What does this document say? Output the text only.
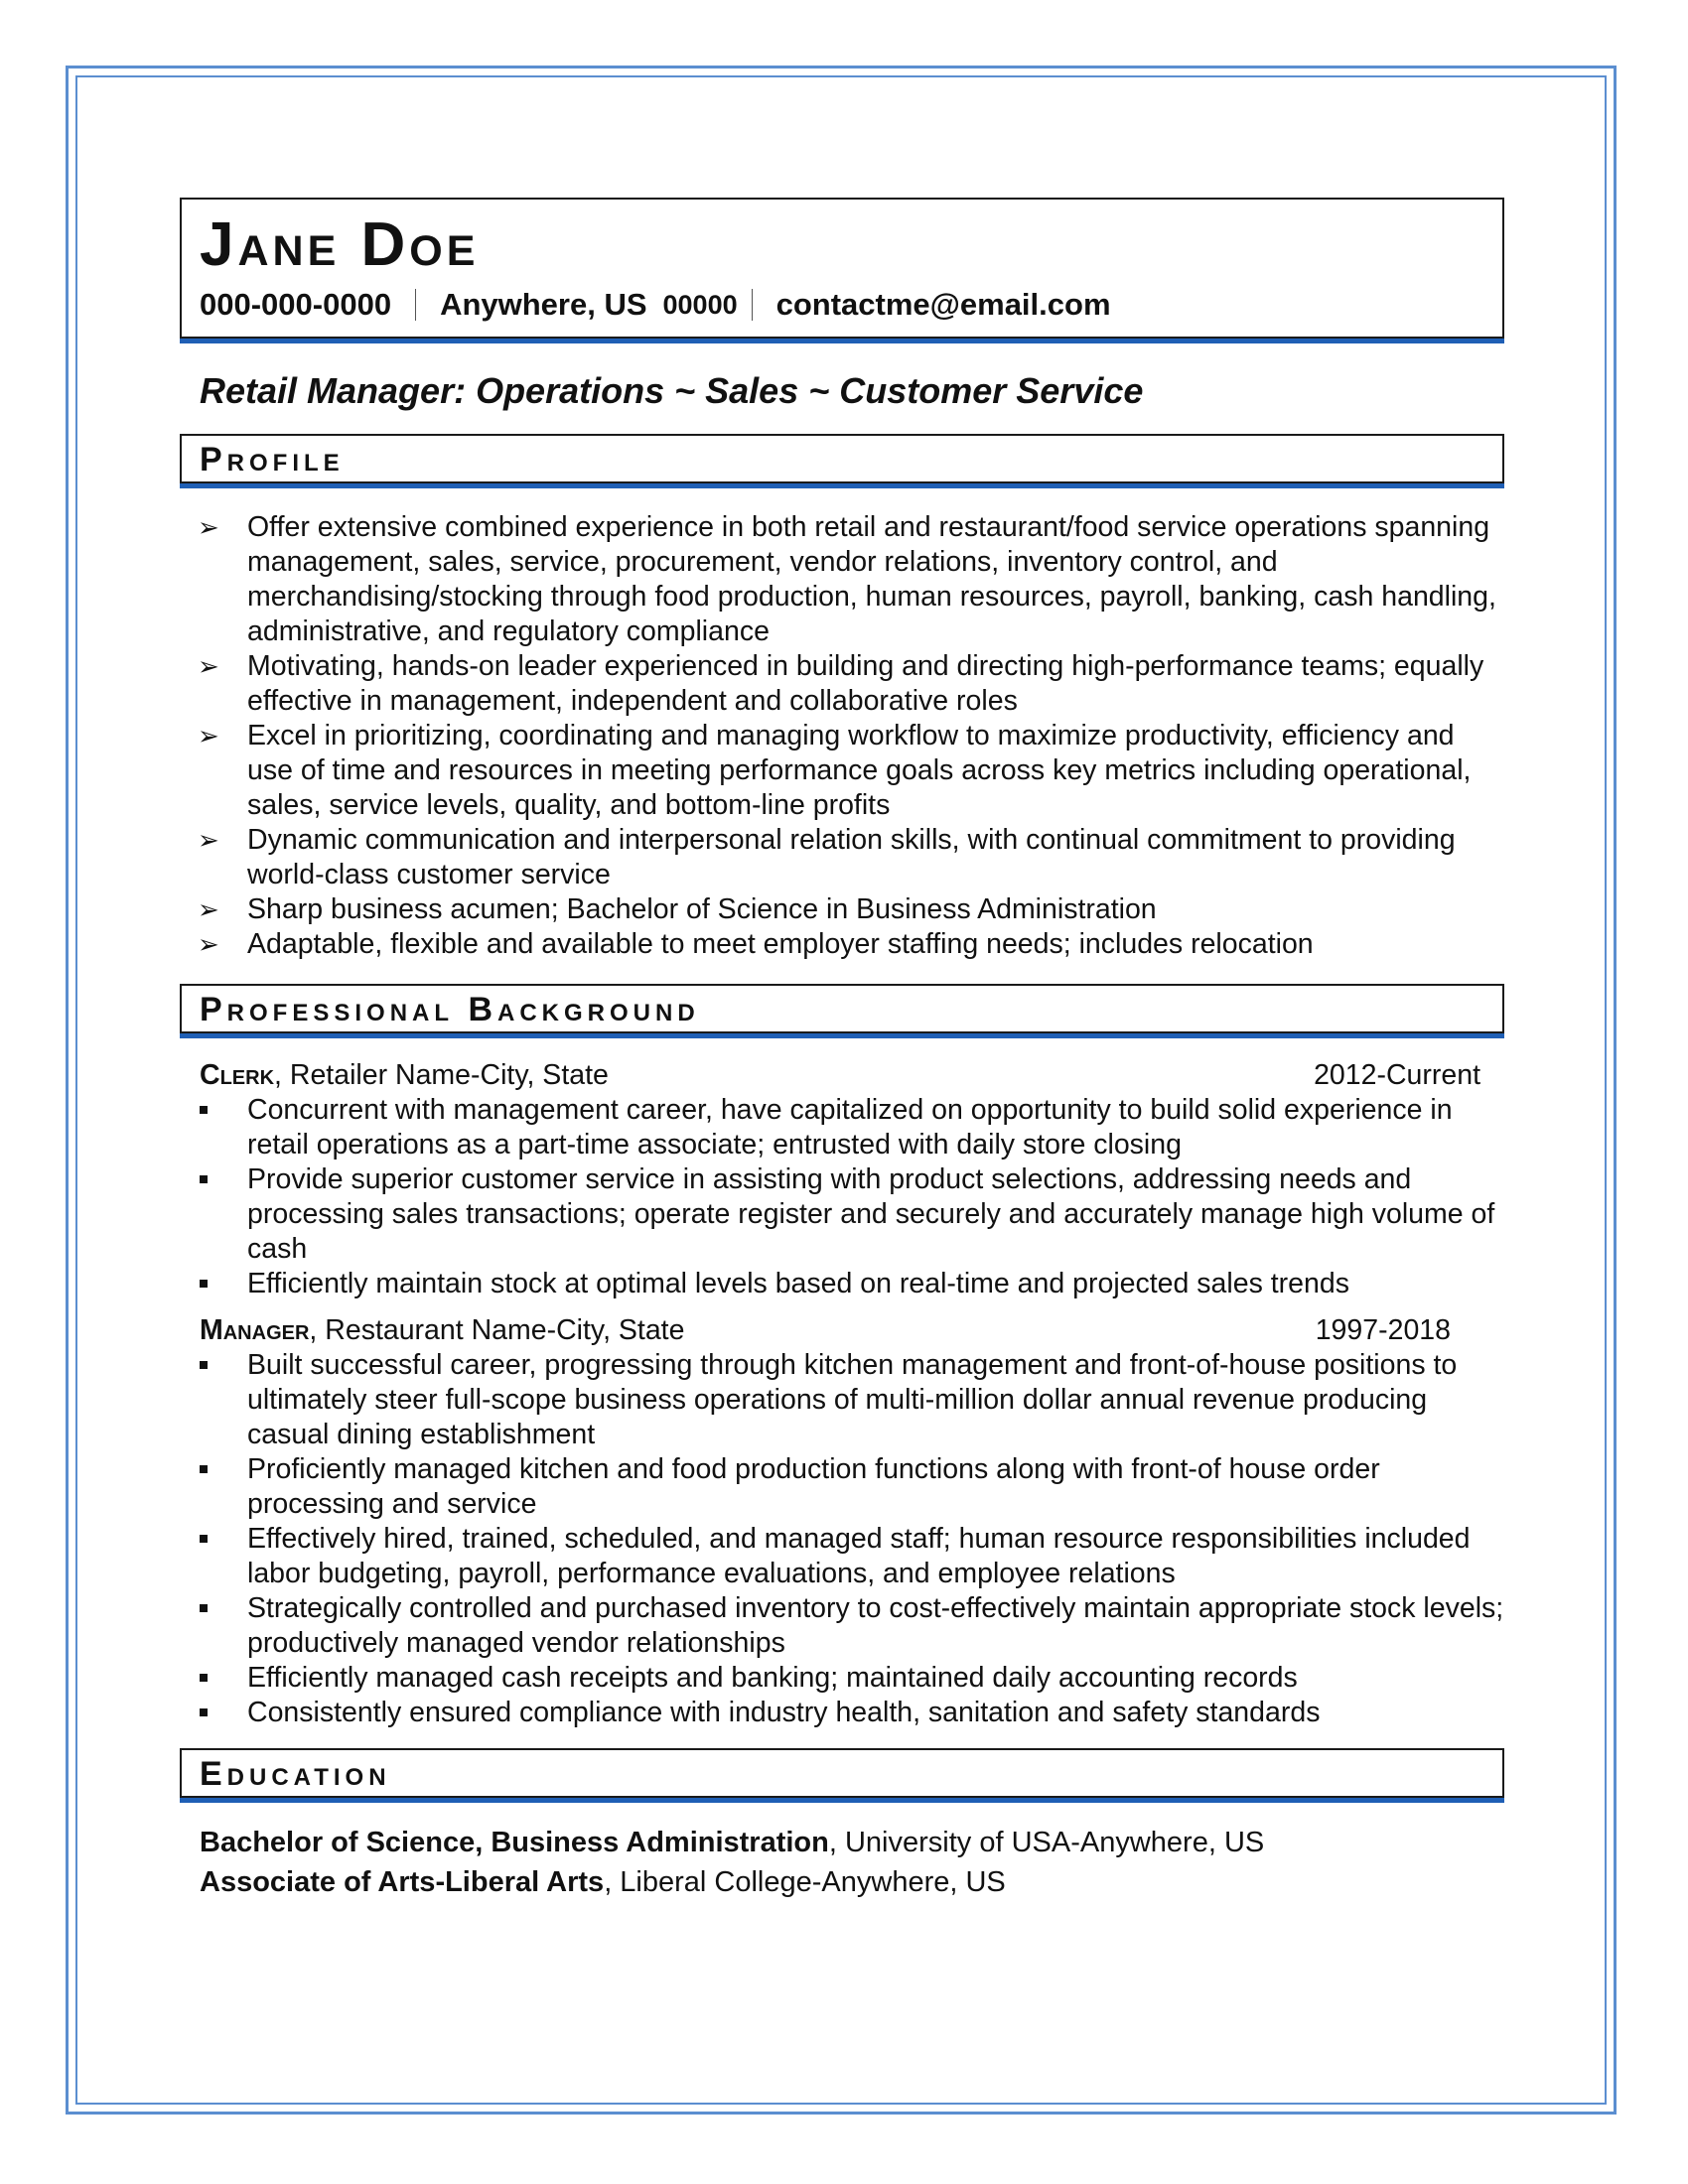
Jane Doe
000-000-0000 Anywhere, US 00000 contactme@email.com
Retail Manager: Operations ~ Sales ~ Customer Service
Profile
➢ Offer extensive combined experience in both retail and restaurant/food service operations spanning management, sales, service, procurement, vendor relations, inventory control, and merchandising/stocking through food production, human resources, payroll, banking, cash handling, administrative, and regulatory compliance
➢ Motivating, hands-on leader experienced in building and directing high-performance teams; equally effective in management, independent and collaborative roles
➢ Excel in prioritizing, coordinating and managing workflow to maximize productivity, efficiency and use of time and resources in meeting performance goals across key metrics including operational, sales, service levels, quality, and bottom-line profits
➢ Dynamic communication and interpersonal relation skills, with continual commitment to providing world-class customer service
➢ Sharp business acumen; Bachelor of Science in Business Administration
➢ Adaptable, flexible and available to meet employer staffing needs; includes relocation
Professional Background
Clerk, Retailer Name-City, State	2012-Current
Concurrent with management career, have capitalized on opportunity to build solid experience in retail operations as a part-time associate; entrusted with daily store closing
Provide superior customer service in assisting with product selections, addressing needs and processing sales transactions; operate register and securely and accurately manage high volume of cash
Efficiently maintain stock at optimal levels based on real-time and projected sales trends
Manager, Restaurant Name-City, State	1997-2018
Built successful career, progressing through kitchen management and front-of-house positions to ultimately steer full-scope business operations of multi-million dollar annual revenue producing casual dining establishment
Proficiently managed kitchen and food production functions along with front-of house order processing and service
Effectively hired, trained, scheduled, and managed staff; human resource responsibilities included labor budgeting, payroll, performance evaluations, and employee relations
Strategically controlled and purchased inventory to cost-effectively maintain appropriate stock levels; productively managed vendor relationships
Efficiently managed cash receipts and banking; maintained daily accounting records
Consistently ensured compliance with industry health, sanitation and safety standards
Education
Bachelor of Science, Business Administration, University of USA-Anywhere, US
Associate of Arts-Liberal Arts, Liberal College-Anywhere, US
